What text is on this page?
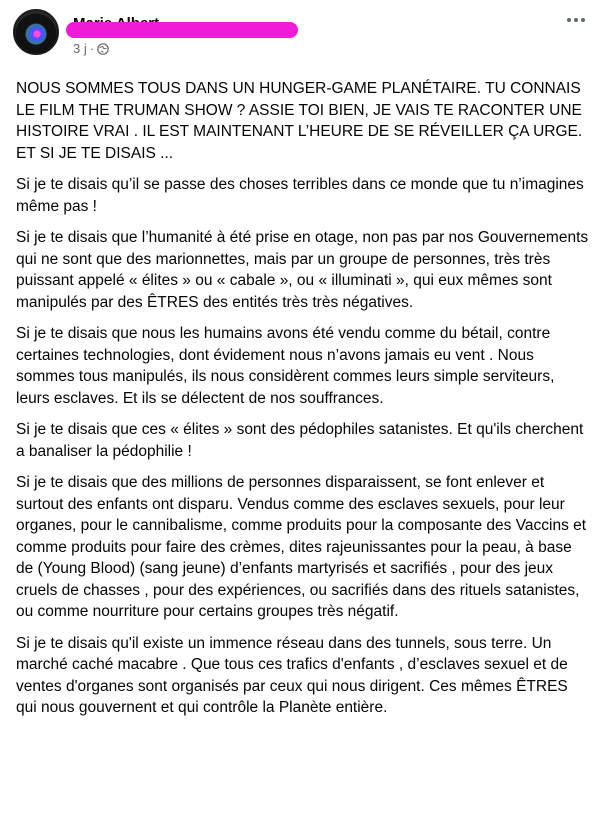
3 j ·

NOUS SOMMES TOUS DANS UN HUNGER-GAME PLANÉTAIRE. TU CONNAIS LE FILM THE TRUMAN SHOW ? ASSIE TOI BIEN, JE VAIS TE RACONTER UNE HISTOIRE VRAI . IL EST MAINTENANT L’HEURE DE SE RÉVEILLER ÇA URGE. ET SI JE TE DISAIS ...

Si je te disais qu’il se passe des choses terribles dans ce monde que tu n’imagines même pas !

Si je te disais que l’humanité à été prise en otage, non pas par nos Gouvernements qui ne sont que des marionnettes, mais par un groupe de personnes, très très puissant appelé « élites » ou « cabale », ou « illuminati », qui eux mêmes sont manipulés par des ÊTRES des entités très très négatives.

Si je te disais que nous les humains avons été vendu comme du bétail, contre certaines technologies, dont évidement nous n’avons jamais eu vent . Nous sommes tous manipulés, ils nous considèrent commes leurs simple serviteurs, leurs esclaves. Et ils se délectent de nos souffrances.

Si je te disais que ces « élites » sont des pédophiles satanistes. Et qu'ils cherchent a banaliser la pédophilie !

Si je te disais que des millions de personnes disparaissent, se font enlever et surtout des enfants ont disparu. Vendus comme des esclaves sexuels, pour leur organes, pour le cannibalisme, comme produits pour la composante des Vaccins et comme produits pour faire des crèmes, dites rajeunissantes pour la peau, à base de (Young Blood) (sang jeune) d’enfants martyrisés et sacrifiés , pour des jeux cruels de chasses , pour des expériences, ou sacrifiés dans des rituels satanistes, ou comme nourriture pour certains groupes très négatif.

Si je te disais qu'il existe un immence réseau dans des tunnels, sous terre. Un marché caché macabre . Que tous ces trafics d'enfants , d’esclaves sexuel et de ventes d'organes sont organisés par ceux qui nous dirigent. Ces mêmes ÊTRES qui nous gouvernent et qui contrôle la Planète entière.
